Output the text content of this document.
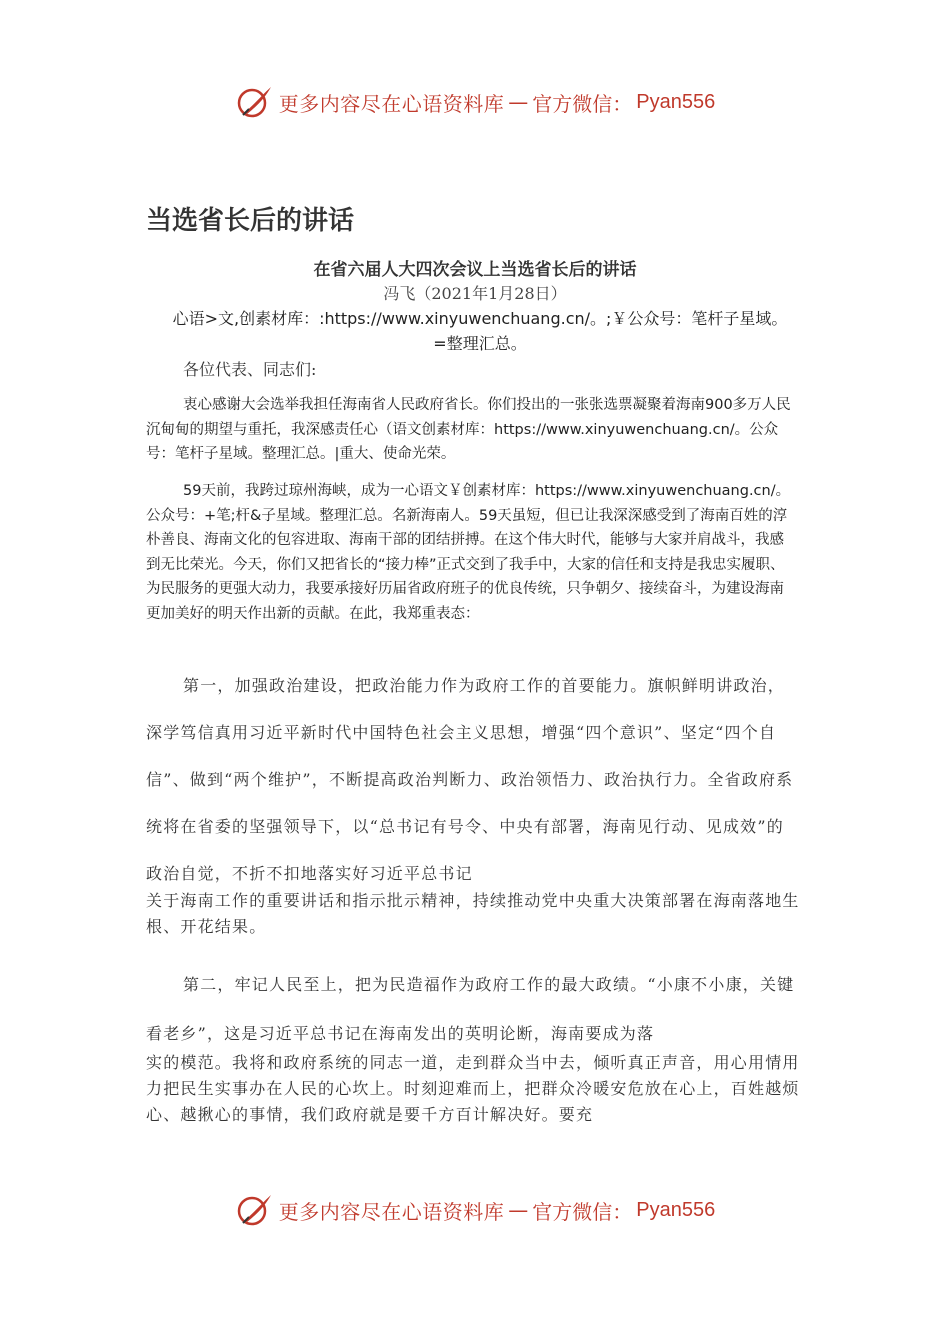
更多内容尽在心语资料库 — 官方微信： Pyan556
当选省长后的讲话
在省六届人大四次会议上当选省长后的讲话
冯飞（2021年1月28日）
心语>文,创素材库：:https://www.xinyuwenchuang.cn/。;￥公众号：笔杆子星域。
=整理汇总。
各位代表、同志们:

衷心感谢大会选举我担任海南省人民政府省长。你们投出的一张张选票凝聚着海南900多万人民沉甸甸的期望与重托，我深感责任心（语文创素材库：https://www.xinyuwenchuang.cn/。公众号：笔杆子星域。整理汇总。|重大、使命光荣。

59天前，我跨过琼州海峡，成为一心语文￥创素材库：https://www.xinyuwenchuang.cn/。公众号：+笔;杆&子星域。整理汇总。名新海南人。59天虽短，但已让我深深感受到了海南百姓的淳朴善良、海南文化的包容进取、海南干部的团结拼搏。在这个伟大时代，能够与大家并肩战斗，我感到无比荣光。今天，你们又把省长的“接力棒”正式交到了我手中，大家的信任和支持是我忠实履职、为民服务的更强大动力，我要承接好历届省政府班子的优良传统，只争朝夕、接续奋斗，为建设海南更加美好的明天作出新的贡献。在此，我郑重表态：

第一，加强政治建设，把政治能力作为政府工作的首要能力。旗帜鲜明讲政治，深学笃信真用习近平新时代中国特色社会主义思想，增强“四个意识”、坚定“四个自信”、做到“两个维护”，不断提高政治判断力、政治领悟力、政治执行力。全省政府系统将在省委的坚强领导下，以“总书记有号令、中央有部署，海南见行动、见成效”的政治自觉，不折不扣地落实好习近平总书记

关于海南工作的重要讲话和指示批示精神，持续推动党中央重大决策部署在海南落地生根、开花结果。

第二，牢记人民至上，把为民造福作为政府工作的最大政绩。“小康不小康，关键看老乡”，这是习近平总书记在海南发出的英明论断，海南要成为落

实的模范。我将和政府系统的同志一道，走到群众当中去，倾听真正声音，用心用情用力把民生实事办在人民的心坎上。时刻迎难而上，把群众冷暖安危放在心上，百姓越烦心、越揪心的事情，我们政府就是要千方百计解决好。要充

更多内容尽在心语资料库 — 官方微信： Pyan556
